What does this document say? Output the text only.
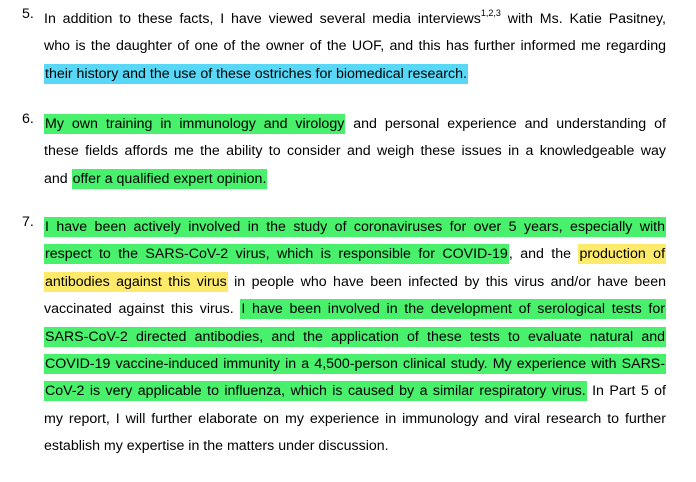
5. In addition to these facts, I have viewed several media interviews$^{1,2,3}$ with Ms. Katie Pasitney,
who is the daughter of one of the owner of the UOF, and this has further informed me regarding
their history and the use of these ostriches for biomedical research.
6. My own training in immunology and virology and personal experience and understanding of
these fields affords me the ability to consider and weigh these issues in a knowledgeable way
and offer a qualified expert opinion.
7. I have been actively involved in the study of coronaviruses for over 5 years, especially with
respect to the SARS-CoV-2 virus, which is responsible for COVID-19, and the production of
antibodies against this virus in people who have been infected by this virus and/or have been
vaccinated against this virus. I have been involved in the development of serological tests for
SARS-CoV-2 directed antibodies, and the application of these tests to evaluate natural and
COVID-19 vaccine-induced immunity in a 4,500-person clinical study. My experience with SARS-
CoV-2 is very applicable to influenza, which is caused by a similar respiratory virus. In Part 5 of
my report, I will further elaborate on my experience in immunology and viral research to further
establish my expertise in the matters under discussion.
